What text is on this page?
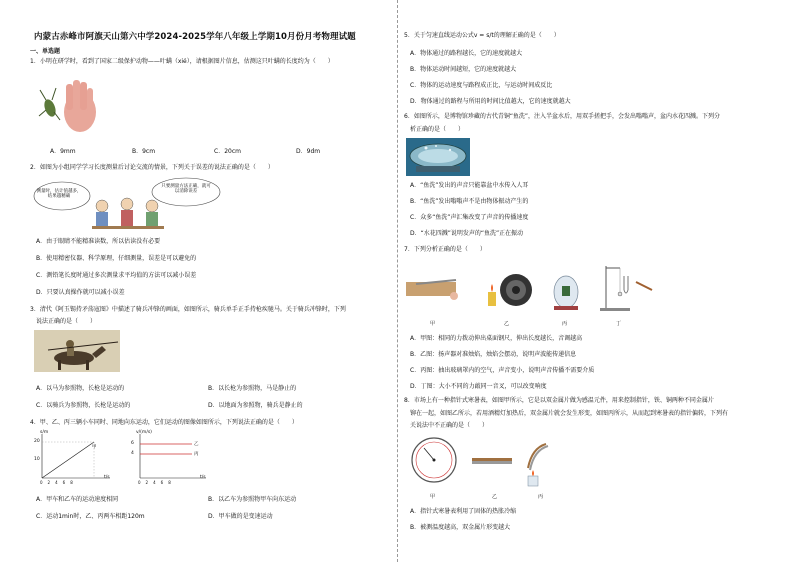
内蒙古赤峰市阿旗天山第六中学2024-2025学年八年级上学期10月份月考物理试题
一、单选题
1．小明在研学时，看到了国家二级保护动物——叶螨（xié），请根据图片信息，估测这只叶螨的长度约为（　　）
A．9mm	B．9cm	C．20cm	D．9dm
2．如图为小组同学学习长度测量后讨论交流的情景，下列关于误差的说法正确的是（　　）
测量时，估计值越多，结果越精确
只要测量方法正确，就可以消除误差
A．由于眼睛不能精准读数，所以估读没有必要
B．使用精密仪器、科学原理，仔细测量，误差是可以避免的
C．测铅笔长度时通过多次测量求平均值的方法可以减小误差
D．只要认真操作就可以减小误差
3．清代《阿玉锡持矛荡寇图》中描述了骑兵冲锋的画面，如图所示，骑兵单手正手持枪疾驰马。关于骑兵冲锋时，下列
说法正确的是（　　）
A．以马为参照物，长枪是运动的	B．以长枪为参照物，马是静止的
C．以骑兵为参照物，长枪是运动的	D．以地面为参照物，骑兵是静止的
4．甲、乙、丙三辆小车同时、同地向东运动，它们运动的图像如图所示，下列说法正确的是（　　）
s/m
t/s
20
10
甲
02468
v/(m/s)
t/s
6
4
乙
丙
02468
A．甲车和乙车的运动速度相同	B．以乙车为参照物甲车向东运动
C．运动1min时，乙、丙两车相距120m	D．甲车做的是变速运动
5．关于匀速直线运动公式v = s/t的理解正确的是（　　）
A．物体通过的路程越长，它的速度就越大
B．物体运动时间越短，它的速度就越大
C．物体的运动速度与路程成正比，与运动时间成反比
D．物体通过的路程与所用的时间比值越大，它的速度就越大
6．如图所示，是博物馆珍藏的古代青铜“鱼洗”，注入半盆水后，用双手搓把手，会发出嗡嗡声，盆内水花四溅。下列分
析正确的是（　　）
A．“鱼洗”发出的声音只能靠盆中水传入人耳
B．“鱼洗”发出嗡嗡声不是由物体振动产生的
C．众多“鱼洗”声汇集改变了声音的传播速度
D．“水花四溅”说明发声的“鱼洗”正在振动
7．下列分析正确的是（　　）
甲	乙	丙	丁
A．甲图：相同的力拨动伸出桌面钢尺，伸出长度越长，音调越高
B．乙图：扬声器对准烛焰，烛焰会摆动，说明声波能传递信息
C．丙图：抽出玻璃罩内的空气，声音变小，说明声音传播不需要介质
D．丁图：大小不同的力敲同一音叉，可以改变响度
8．市场上有一种指针式寒暑表，如图甲所示，它是以双金属片做为感温元件，用来控制指针，铁、铜两种不同金属片
铆在一起，如图乙所示，若用酒精灯加热后，双金属片就会发生形变，如图丙所示，从而起到寒暑表的指针偏转，下列有
关说法中不正确的是（　　）
甲	乙	丙
A．指针式寒暑表利用了固体的热胀冷缩
B．被测温度越高，双金属片形变越大
